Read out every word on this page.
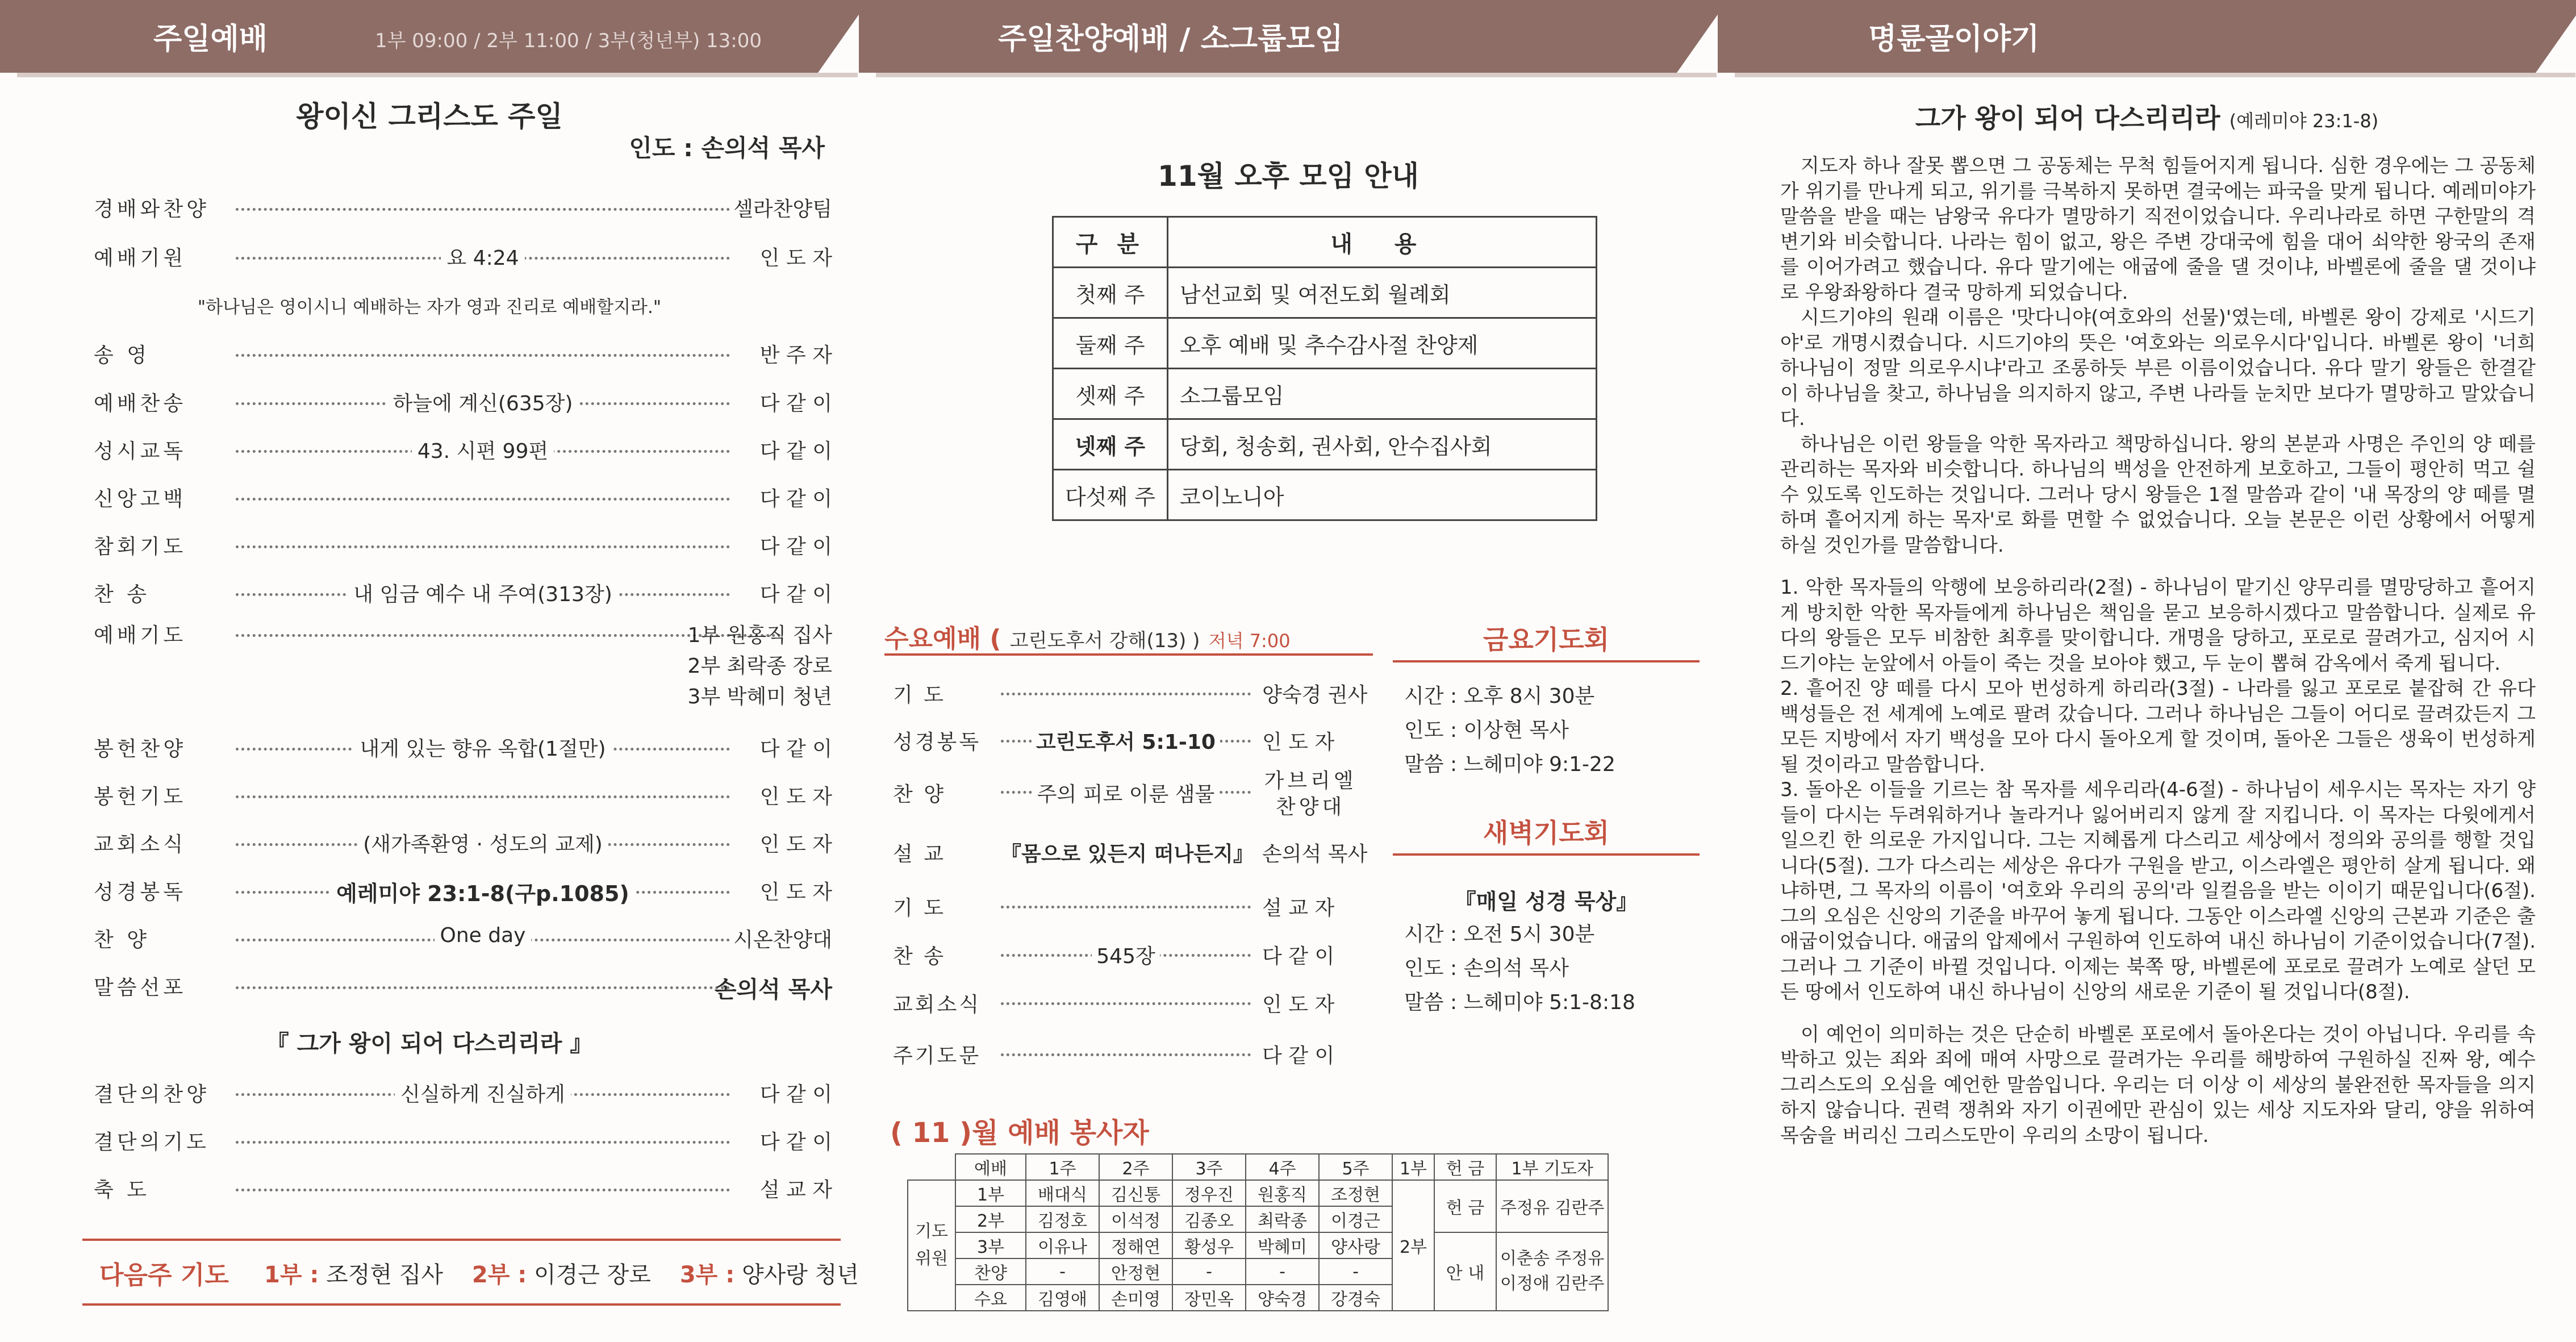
주일예배	1부 09:00 / 2부 11:00 / 3부(청년부) 13:00
왕이신 그리스도 주일
인도 : 손의석 목사
경배와찬양	셀라찬양팀
예배기원	요 4:24	인 도 자
"하나님은 영이시니 예배하는 자가 영과 진리로 예배할지라."
송 영	반 주 자
예배찬송	하늘에 계신(635장)	다 같 이
성시교독	43. 시편 99편	다 같 이
신앙고백	다 같 이
참회기도	다 같 이
찬 송	내 임금 예수 내 주여(313장)	다 같 이
예배기도	1부 원홍직 집사
2부 최락종 장로
3부 박혜미 청년
봉헌찬양	내게 있는 향유 옥합(1절만)	다 같 이
봉헌기도	인 도 자
교회소식	(새가족환영 · 성도의 교제)	인 도 자
성경봉독	예레미야 23:1-8(구p.1085)	인 도 자
찬 양	One day	시온찬양대
말씀선포	손의석 목사
『 그가 왕이 되어 다스리리라 』
결단의찬양	신실하게 진실하게	다 같 이
결단의기도	다 같 이
축 도	설 교 자
다음주 기도 1부 : 조정현 집사 2부 : 이경근 장로 3부 : 양사랑 청년
주일찬양예배 / 소그룹모임
11월 오후 모임 안내
구 분	내 용
첫째 주	남선교회 및 여전도회 월례회
둘째 주	오후 예배 및 추수감사절 찬양제
셋째 주	소그룹모임
넷째 주	당회, 청송회, 권사회, 안수집사회
다섯째 주	코이노니아
수요예배 ( 고린도후서 강해(13) ) 저녁 7:00
기 도	양숙경 권사
성경봉독	고린도후서 5:1-10	인 도 자
찬 양	주의 피로 이룬 샘물
가브리엘 찬양대
설 교	『몸으로 있든지 떠나든지』 손의석 목사
기 도	설 교 자
찬 송	545장	다 같 이
교회소식	인 도 자
주기도문	다 같 이
금요기도회
시간 : 오후 8시 30분
인도 : 이상현 목사
말씀 : 느헤미야 9:1-22
새벽기도회
『매일 성경 묵상』
시간 : 오전 5시 30분
인도 : 손의석 목사
말씀 : 느헤미야 5:1-8:18
( 11 )월 예배 봉사자
	예배	1주	2주	3주	4주	5주	1부	헌 금	1부 기도자
기도 위원	1부	배대식	김신통	정우진	원홍직	조정현	2부	헌 금	주정유 김란주
	2부	김정호	이석정	김종오	최락종	이경근			
	3부	이유나	정해연	황성우	박혜미	양사랑		안 내	이춘송 주정유
이정애 김란주

	찬양	-	안정현	-	-	-			
	수요	김영애	손미영	장민옥	양숙경	강경숙			
명륜골이야기
그가 왕이 되어 다스리리라 (예레미야 23:1-8)

지도자 하나 잘못 뽑으면 그 공동체는 무척 힘들어지게 됩니다. 심한 경우에는 그 공동체가 위기를 만나게 되고, 위기를 극복하지 못하면 결국에는 파국을 맞게 됩니다. 예레미야가 말씀을 받을 때는 남왕국 유다가 멸망하기 직전이었습니다. 우리나라로 하면 구한말의 격변기와 비슷합니다. 나라는 힘이 없고, 왕은 주변 강대국에 힘을 대어 쇠약한 왕국의 존재를 이어가려고 했습니다. 유다 말기에는 애굽에 줄을 댈 것이냐, 바벨론에 줄을 댈 것이냐로 우왕좌왕하다 결국 망하게 되었습니다.

시드기야의 원래 이름은 '맛다니야(여호와의 선물)'였는데, 바벨론 왕이 강제로 '시드기야'로 개명시켰습니다. 시드기야의 뜻은 '여호와는 의로우시다'입니다. 바벨론 왕이 '너희 하나님이 정말 의로우시냐'라고 조롱하듯 부른 이름이었습니다. 유다 말기 왕들은 한결같이 하나님을 찾고, 하나님을 의지하지 않고, 주변 나라들 눈치만 보다가 멸망하고 말았습니다.

하나님은 이런 왕들을 악한 목자라고 책망하십니다. 왕의 본분과 사명은 주인의 양 떼를 관리하는 목자와 비슷합니다. 하나님의 백성을 안전하게 보호하고, 그들이 평안히 먹고 쉴 수 있도록 인도하는 것입니다. 그러나 당시 왕들은 1절 말씀과 같이 '내 목장의 양 떼를 멸하며 흩어지게 하는 목자'로 화를 면할 수 없었습니다. 오늘 본문은 이런 상황에서 어떻게 하실 것인가를 말씀합니다.

1. 악한 목자들의 악행에 보응하리라(2절) - 하나님이 맡기신 양무리를 멸망당하고 흩어지게 방치한 악한 목자들에게 하나님은 책임을 묻고 보응하시겠다고 말씀합니다. 실제로 유다의 왕들은 모두 비참한 최후를 맞이합니다. 개명을 당하고, 포로로 끌려가고, 심지어 시드기야는 눈앞에서 아들이 죽는 것을 보아야 했고, 두 눈이 뽑혀 감옥에서 죽게 됩니다.

2. 흩어진 양 떼를 다시 모아 번성하게 하리라(3절) - 나라를 잃고 포로로 붙잡혀 간 유다 백성들은 전 세계에 노예로 팔려 갔습니다. 그러나 하나님은 그들이 어디로 끌려갔든지 그 모든 지방에서 자기 백성을 모아 다시 돌아오게 할 것이며, 돌아온 그들은 생육이 번성하게 될 것이라고 말씀합니다.

3. 돌아온 이들을 기르는 참 목자를 세우리라(4-6절) - 하나님이 세우시는 목자는 자기 양들이 다시는 두려워하거나 놀라거나 잃어버리지 않게 잘 지킵니다. 이 목자는 다윗에게서 일으킨 한 의로운 가지입니다. 그는 지혜롭게 다스리고 세상에서 정의와 공의를 행할 것입니다(5절). 그가 다스리는 세상은 유다가 구원을 받고, 이스라엘은 평안히 살게 됩니다. 왜냐하면, 그 목자의 이름이 '여호와 우리의 공의'라 일컬음을 받는 이이기 때문입니다(6절). 그의 오심은 신앙의 기준을 바꾸어 놓게 됩니다. 그동안 이스라엘 신앙의 근본과 기준은 출애굽이었습니다. 애굽의 압제에서 구원하여 인도하여 내신 하나님이 기준이었습니다(7절). 그러나 그 기준이 바뀔 것입니다. 이제는 북쪽 땅, 바벨론에 포로로 끌려가 노예로 살던 모든 땅에서 인도하여 내신 하나님이 신앙의 새로운 기준이 될 것입니다(8절).

이 예언이 의미하는 것은 단순히 바벨론 포로에서 돌아온다는 것이 아닙니다. 우리를 속박하고 있는 죄와 죄에 매여 사망으로 끌려가는 우리를 해방하여 구원하실 진짜 왕, 예수 그리스도의 오심을 예언한 말씀입니다. 우리는 더 이상 이 세상의 불완전한 목자들을 의지하지 않습니다. 권력 쟁취와 자기 이권에만 관심이 있는 세상 지도자와 달리, 양을 위하여 목숨을 버리신 그리스도만이 우리의 소망이 됩니다.
